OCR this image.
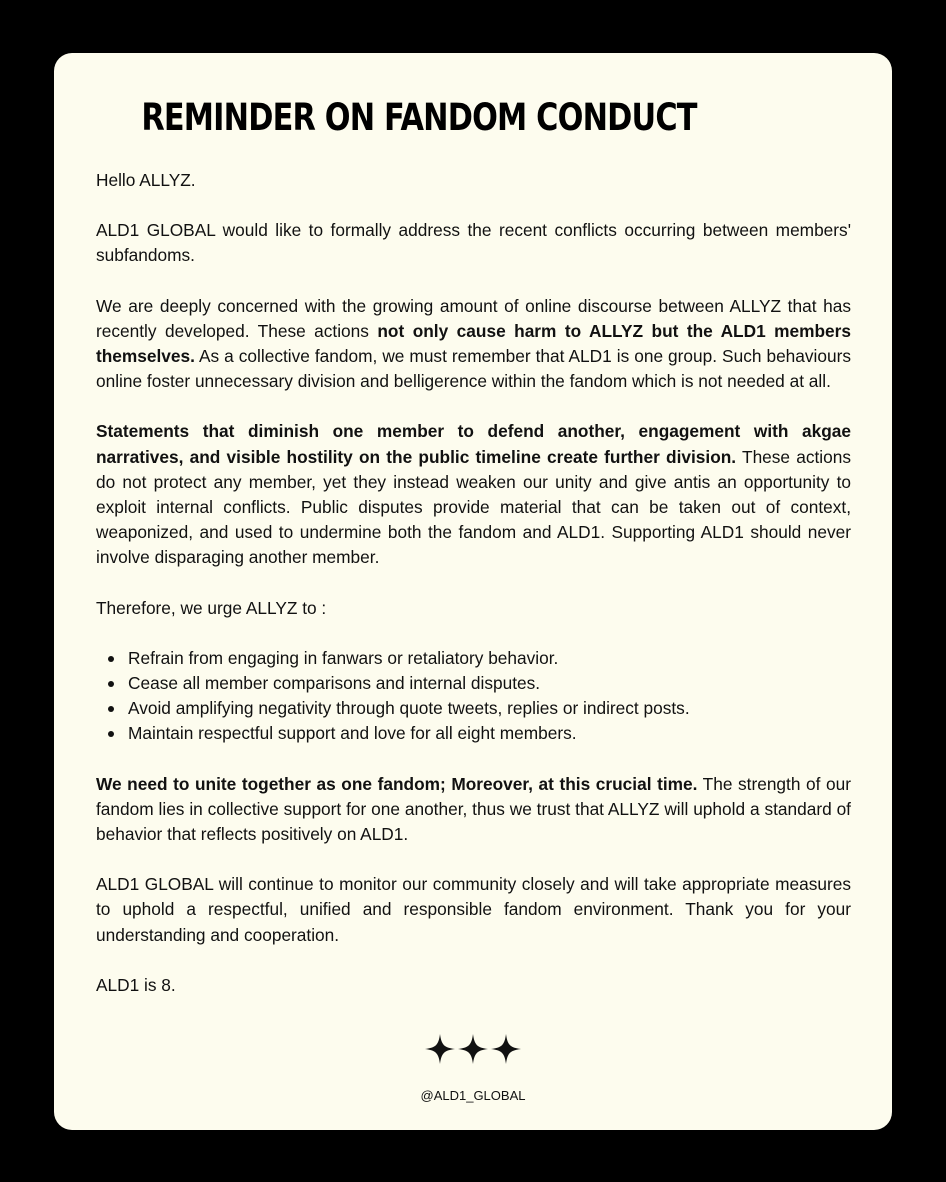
REMINDER ON FANDOM CONDUCT

Hello ALLYZ.

ALD1 GLOBAL would like to formally address the recent conflicts occurring between members' subfandoms.

We are deeply concerned with the growing amount of online discourse between ALLYZ that has recently developed. These actions not only cause harm to ALLYZ but the ALD1 members themselves. As a collective fandom, we must remember that ALD1 is one group. Such behaviours online foster unnecessary division and belligerence within the fandom which is not needed at all.

Statements that diminish one member to defend another, engagement with akgae narratives, and visible hostility on the public timeline create further division. These actions do not protect any member, yet they instead weaken our unity and give antis an opportunity to exploit internal conflicts. Public disputes provide material that can be taken out of context, weaponized, and used to undermine both the fandom and ALD1. Supporting ALD1 should never involve disparaging another member.

Therefore, we urge ALLYZ to :

Refrain from engaging in fanwars or retaliatory behavior.
Cease all member comparisons and internal disputes.
Avoid amplifying negativity through quote tweets, replies or indirect posts.
Maintain respectful support and love for all eight members.

We need to unite together as one fandom; Moreover, at this crucial time. The strength of our fandom lies in collective support for one another, thus we trust that ALLYZ will uphold a standard of behavior that reflects positively on ALD1.

ALD1 GLOBAL will continue to monitor our community closely and will take appropriate measures to uphold a respectful, unified and responsible fandom environment. Thank you for your understanding and cooperation.

ALD1 is 8.

@ALD1_GLOBAL
